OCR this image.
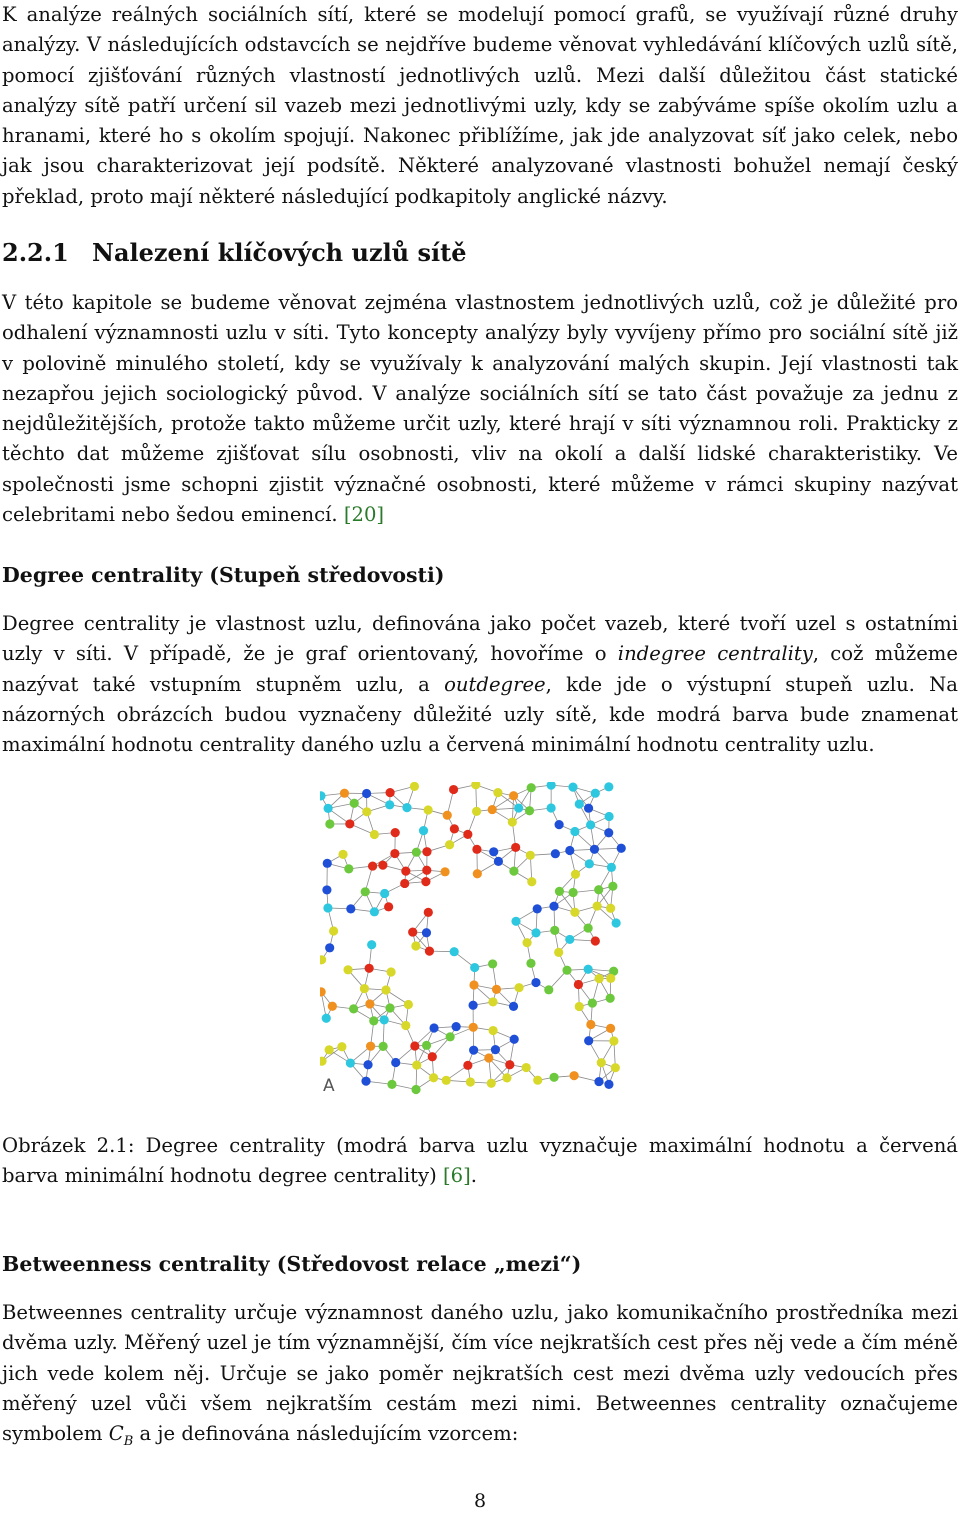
K analýze reálných sociálních sítí, které se modelují pomocí grafů, se využívají různé druhy analýzy. V následujících odstavcích se nejdříve budeme věnovat vyhledávání klíčových uzlů sítě, pomocí zjišťování různých vlastností jednotlivých uzlů. Mezi další důležitou část statické analýzy sítě patří určení sil vazeb mezi jednotlivými uzly, kdy se zabýváme spíše okolím uzlu a hranami, které ho s okolím spojují. Nakonec přiblížíme, jak jde analyzovat síť jako celek, nebo jak jsou charakterizovat její podsítě. Některé analyzované vlastnosti bohužel nemají český překlad, proto mají některé následující podkapitoly anglické názvy.

2.2.1 Nalezení klíčových uzlů sítě

V této kapitole se budeme věnovat zejména vlastnostem jednotlivých uzlů, což je důležité pro odhalení významnosti uzlu v síti. Tyto koncepty analýzy byly vyvíjeny přímo pro sociální sítě již v polovině minulého století, kdy se využívaly k analyzování malých skupin. Její vlastnosti tak nezapřou jejich sociologický původ. V analýze sociálních sítí se tato část považuje za jednu z nejdůležitějších, protože takto můžeme určit uzly, které hrají v síti významnou roli. Prakticky z těchto dat můžeme zjišťovat sílu osobnosti, vliv na okolí a další lidské charakteristiky. Ve společnosti jsme schopni zjistit význačné osobnosti, které můžeme v rámci skupiny nazývat celebritami nebo šedou eminencí. [20]

Degree centrality (Stupeň středovosti)

Degree centrality je vlastnost uzlu, definována jako počet vazeb, které tvoří uzel s ostatními uzly v síti. V případě, že je graf orientovaný, hovoříme o indegree centrality, což můžeme nazývat také vstupním stupněm uzlu, a outdegree, kde jde o výstupní stupeň uzlu. Na názorných obrázcích budou vyznačeny důležité uzly sítě, kde modrá barva bude znamenat maximální hodnotu centrality daného uzlu a červená minimální hodnotu centrality uzlu.

A

Obrázek 2.1: Degree centrality (modrá barva uzlu vyznačuje maximální hodnotu a červená barva minimální hodnotu degree centrality) [6].

Betweenness centrality (Středovost relace „mezi“)

Betweennes centrality určuje významnost daného uzlu, jako komunikačního prostředníka mezi dvěma uzly. Měřený uzel je tím významnější, čím více nejkratších cest přes něj vede a čím méně jich vede kolem něj. Určuje se jako poměr nejkratších cest mezi dvěma uzly vedoucích přes měřený uzel vůči všem nejkratším cestám mezi nimi. Betweennes centrality označujeme symbolem $C_B$ a je definována následujícím vzorcem:

8
